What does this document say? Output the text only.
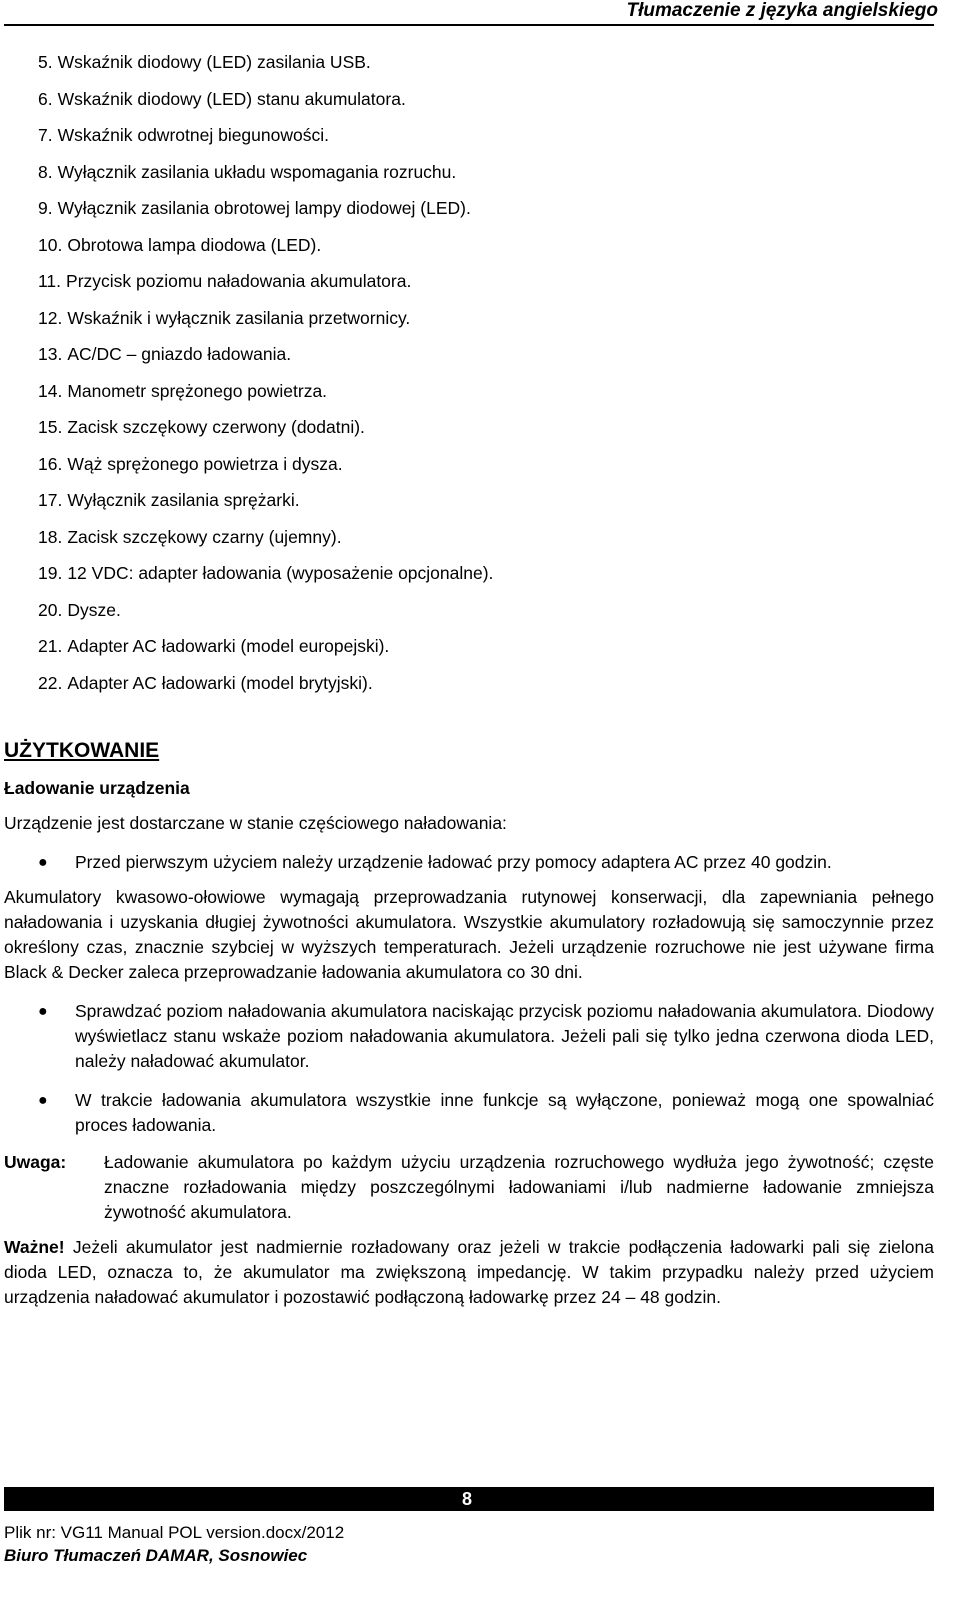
Tłumaczenie z języka angielskiego
5. Wskaźnik diodowy (LED) zasilania USB.
6. Wskaźnik diodowy (LED) stanu akumulatora.
7. Wskaźnik odwrotnej biegunowości.
8. Wyłącznik zasilania układu wspomagania rozruchu.
9. Wyłącznik zasilania obrotowej lampy diodowej (LED).
10. Obrotowa lampa diodowa (LED).
11. Przycisk poziomu naładowania akumulatora.
12. Wskaźnik i wyłącznik zasilania przetwornicy.
13. AC/DC – gniazdo ładowania.
14. Manometr sprężonego powietrza.
15. Zacisk szczękowy czerwony (dodatni).
16. Wąż sprężonego powietrza i dysza.
17. Wyłącznik zasilania sprężarki.
18. Zacisk szczękowy czarny (ujemny).
19. 12 VDC: adapter ładowania (wyposażenie opcjonalne).
20. Dysze.
21. Adapter AC ładowarki (model europejski).
22. Adapter AC ładowarki (model brytyjski).
UŻYTKOWANIE

Ładowanie urządzenia

Urządzenie jest dostarczane w stanie częściowego naładowania:

● Przed pierwszym użyciem należy urządzenie ładować przy pomocy adaptera AC przez 40 godzin.

Akumulatory kwasowo-ołowiowe wymagają przeprowadzania rutynowej konserwacji, dla zapewniania pełnego naładowania i uzyskania długiej żywotności akumulatora. Wszystkie akumulatory rozładowują się samoczynnie przez określony czas, znacznie szybciej w wyższych temperaturach. Jeżeli urządzenie rozruchowe nie jest używane firma Black & Decker zaleca przeprowadzanie ładowania akumulatora co 30 dni.

● Sprawdzać poziom naładowania akumulatora naciskając przycisk poziomu naładowania akumulatora. Diodowy wyświetlacz stanu wskaże poziom naładowania akumulatora. Jeżeli pali się tylko jedna czerwona dioda LED, należy naładować akumulator.
● W trakcie ładowania akumulatora wszystkie inne funkcje są wyłączone, ponieważ mogą one spowalniać proces ładowania.
Uwaga:	Ładowanie akumulatora po każdym użyciu urządzenia rozruchowego wydłuża jego żywotność; częste znaczne rozładowania między poszczególnymi ładowaniami i/lub nadmierne ładowanie zmniejsza żywotność akumulatora.

Ważne! Jeżeli akumulator jest nadmiernie rozładowany oraz jeżeli w trakcie podłączenia ładowarki pali się zielona dioda LED, oznacza to, że akumulator ma zwiększoną impedancję. W takim przypadku należy przed użyciem urządzenia naładować akumulator i pozostawić podłączoną ładowarkę przez 24 – 48 godzin.

8
Plik nr: VG11 Manual POL version.docx/2012
Biuro Tłumaczeń DAMAR, Sosnowiec
